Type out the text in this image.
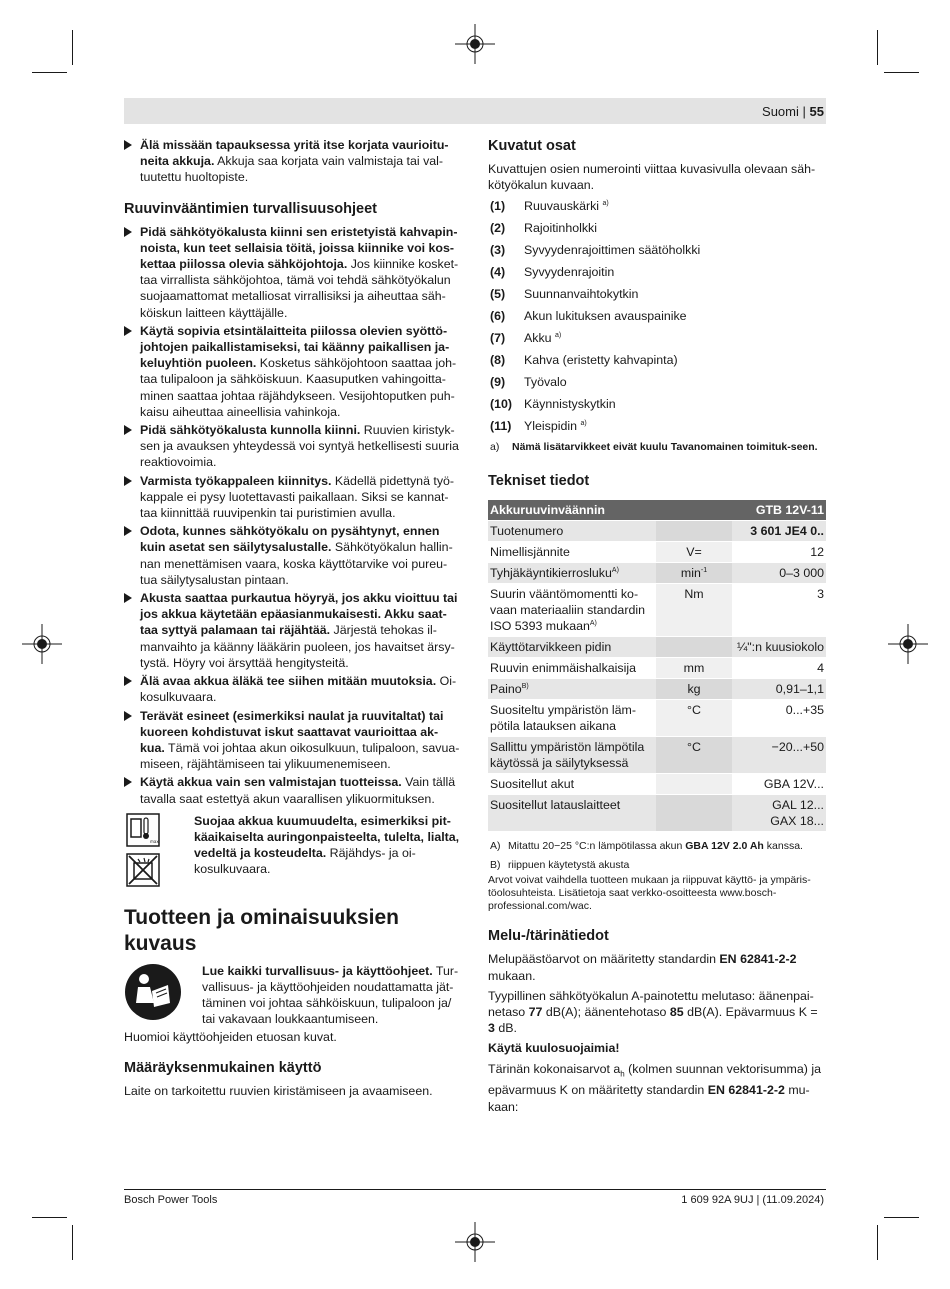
Suomi | 55
Älä missään tapauksessa yritä itse korjata vaurioitu-neita akkuja. Akkuja saa korjata vain valmistaja tai val-tuutettu huoltopiste.
Ruuvinvääntimien turvallisuusohjeet
Pidä sähkötyökalusta kiinni sen eristetyistä kahvapin-noista, kun teet sellaisia töitä, joissa kiinnike voi kos-kettaa piilossa olevia sähköjohtoja. Jos kiinnike kosket-taa virrallista sähköjohtoa, tämä voi tehdä sähkötyökalun suojaamattomat metalliosat virrallisiksi ja aiheuttaa säh-köiskun laitteen käyttäjälle.
Käytä sopivia etsintälaitteita piilossa olevien syöttö-johtojen paikallistamiseksi, tai käänny paikallisen ja-keluyhtiön puoleen. Kosketus sähköjohtoon saattaa joh-taa tulipaloon ja sähköiskuun. Kaasuputken vahingoitta-minen saattaa johtaa räjähdykseen. Vesijohtoputken puh-kaisu aiheuttaa aineellisia vahinkoja.
Pidä sähkötyökalusta kunnolla kiinni. Ruuvien kiristyk-sen ja avauksen yhteydessä voi syntyä hetkellisesti suuria reaktiovoimia.
Varmista työkappaleen kiinnitys. Kädellä pidettynä työ-kappale ei pysy luotettavasti paikallaan. Siksi se kannat-taa kiinnittää ruuvipenkin tai puristimien avulla.
Odota, kunnes sähkötyökalu on pysähtynyt, ennen kuin asetat sen säilytysalustalle. Sähkötyökalun hallin-nan menettämisen vaara, koska käyttötarvike voi pureu-tua säilytysalustan pintaan.
Akusta saattaa purkautua höyryä, jos akku vioittuu tai jos akkua käytetään epäasianmukaisesti. Akku saat-taa syttyä palamaan tai räjähtää. Järjestä tehokas il-manvaihto ja käänny lääkärin puoleen, jos havaitset ärsy-tystä. Höyry voi ärsyttää hengitysteitä.
Älä avaa akkua äläkä tee siihen mitään muutoksia. Oi-kosulkuvaara.
Terävät esineet (esimerkiksi naulat ja ruuvitaltat) tai kuoreen kohdistuvat iskut saattavat vaurioittaa ak-kua. Tämä voi johtaa akun oikosulkuun, tulipaloon, savua-miseen, räjähtämiseen tai ylikuumenemiseen.
Käytä akkua vain sen valmistajan tuotteissa. Vain tällä tavalla saat estettyä akun vaarallisen ylikuormituksen.
max
Suojaa akkua kuumuudelta, esimerkiksi pit-käaikaiselta auringonpaisteelta, tulelta, lialta, vedeltä ja kosteudelta. Räjähdys- ja oi-kosulkuvaara.
Tuotteen ja ominaisuuksien kuvaus
Lue kaikki turvallisuus- ja käyttöohjeet. Tur-vallisuus- ja käyttöohjeiden noudattamatta jät-täminen voi johtaa sähköiskuun, tulipaloon ja/ tai vakavaan loukkaantumiseen.

Huomioi käyttöohjeiden etuosan kuvat.

Määräyksenmukainen käyttö

Laite on tarkoitettu ruuvien kiristämiseen ja avaamiseen.

Kuvatut osat

Kuvattujen osien numerointi viittaa kuvasivulla olevaan säh-kötyökalun kuvaan.

(1) Ruuvauskärki $^{a)}$
(2) Rajoitinholkki
(3) Syvyydenrajoittimen säätöholkki
(4) Syvyydenrajoitin
(5) Suunnanvaihtokytkin
(6) Akun lukituksen avauspainike
(7) Akku $^{a)}$
(8) Kahva (eristetty kahvapinta)
(9) Työvalo
(10) Käynnistyskytkin
(11) Yleispidin $^{a)}$
a) Nämä lisätarvikkeet eivät kuulu Tavanomainen toimituk-seen.
Tekniset tiedot
Akkuruuvinväännin		GTB 12V-11
Tuotenumero		3 601 JE4 0..
Nimellisjännite	V=	12
Tyhjäkäyntikierrosluku$^{A)}$	$\min^{-1}$	0–3 000
Suurin vääntömomentti ko-vaan materiaaliin standardin ISO 5393 mukaan$^{A)}$	Nm	3
Käyttötarvikkeen pidin		¼":n kuusiokolo
Ruuvin enimmäishalkaisija	mm	4
Paino$^{B)}$	kg	0,91–1,1
Suositeltu ympäristön läm-pötila latauksen aikana	°C	0...+35
Sallittu ympäristön lämpötila käytössä ja säilytyksessä	°C	−20...+50
Suositellut akut		GBA 12V...
Suositellut latauslaitteet		GAL 12...
GAX 18...
A) Mitattu 20−25 °C:n lämpötilassa akun GBA 12V 2.0 Ah kanssa.
B) riippuen käytetystä akusta

Arvot voivat vaihdella tuotteen mukaan ja riippuvat käyttö- ja ympäris-töolosuhteista. Lisätietoja saat verkko-osoitteesta www.bosch-professional.com/wac.

Melu-/tärinätiedot

Melupäästöarvot on määritetty standardin EN 62841-2-2 mukaan.

Tyypillinen sähkötyökalun A-painotettu melutaso: äänenpai-netaso 77 dB(A); äänentehotaso 85 dB(A). Epävarmuus K = 3 dB.

Käytä kuulosuojaimia!

Tärinän kokonaisarvot $a_h$ (kolmen suunnan vektorisumma) ja epävarmuus K on määritetty standardin EN 62841-2-2 mu-kaan:

Bosch Power Tools	1 609 92A 9UJ | (11.09.2024)
